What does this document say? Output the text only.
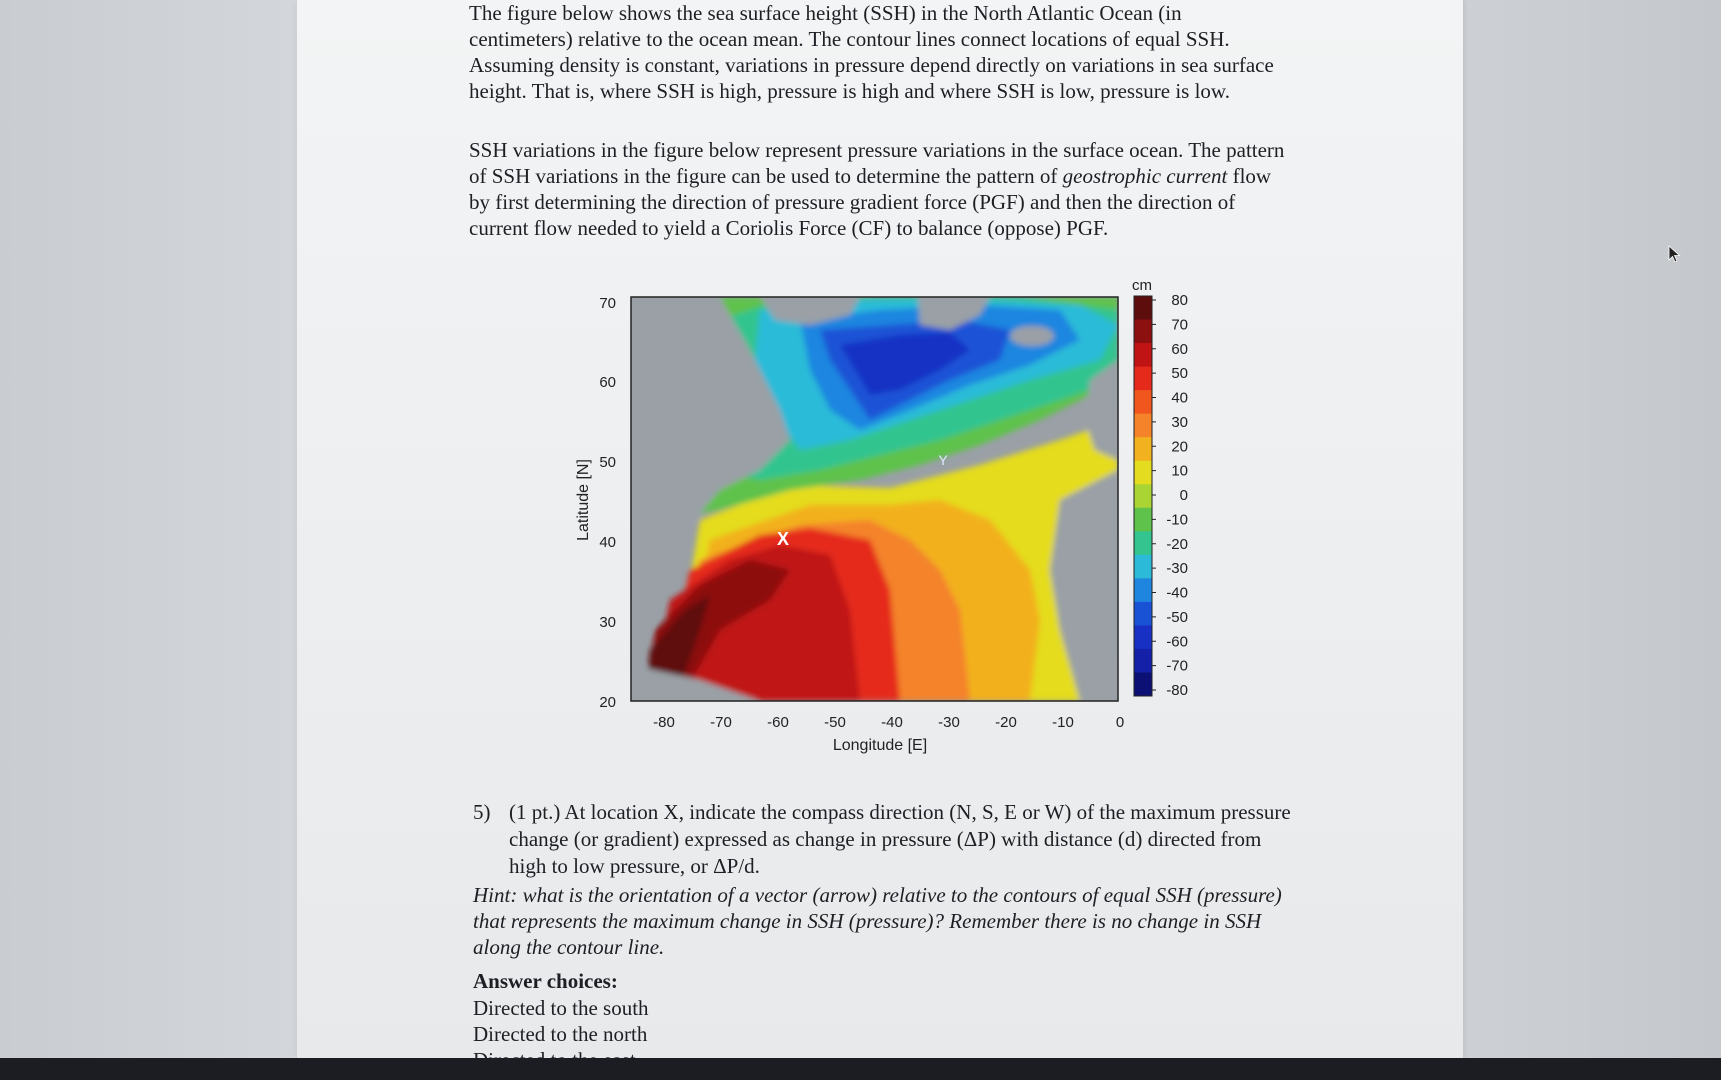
The figure below shows the sea surface height (SSH) in the North Atlantic Ocean (in centimeters) relative to the ocean mean. The contour lines connect locations of equal SSH. Assuming density is constant, variations in pressure depend directly on variations in sea surface height. That is, where SSH is high, pressure is high and where SSH is low, pressure is low.

SSH variations in the figure below represent pressure variations in the surface ocean. The pattern of SSH variations in the figure can be used to determine the pattern of geostrophic current flow by first determining the direction of pressure gradient force (PGF) and then the direction of current flow needed to yield a Coriolis Force (CF) to balance (oppose) PGF.

X
Y
70
60
50
40
30
20
Latitude [N]
-80 -70 -60 -50 -40 -30 -20 -10	0
Longitude [E]
cm
80
70
60
50
40
30
20
10
0
-10
-20
-30
-40
-50
-60
-70
-80
5) (1 pt.) At location X, indicate the compass direction (N, S, E or W) of the maximum pressure change (or gradient) expressed as change in pressure (ΔP) with distance (d) directed from high to low pressure, or ΔP/d.
Hint: what is the orientation of a vector (arrow) relative to the contours of equal SSH (pressure) that represents the maximum change in SSH (pressure)? Remember there is no change in SSH along the contour line.
Answer choices:
Directed to the south
Directed to the north
